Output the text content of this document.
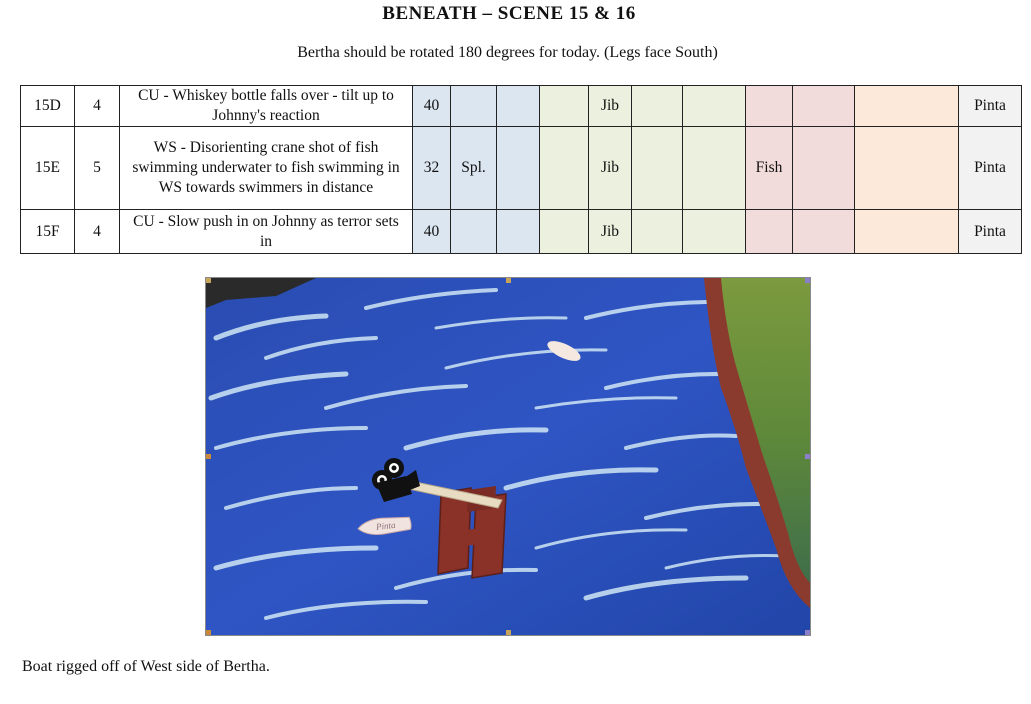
BENEATH – SCENE 15 & 16
Bertha should be rotated 180 degrees for today. (Legs face South)
15D	4	CU - Whiskey bottle falls over - tilt up to Johnny's reaction	40				Jib						Pinta
15E	5	WS - Disorienting crane shot of fish swimming underwater to fish swimming in WS towards swimmers in distance	32	Spl.			Jib			Fish			Pinta
15F	4	CU - Slow push in on Johnny as terror sets in	40				Jib						Pinta
Pinta
Boat rigged off of West side of Bertha.
